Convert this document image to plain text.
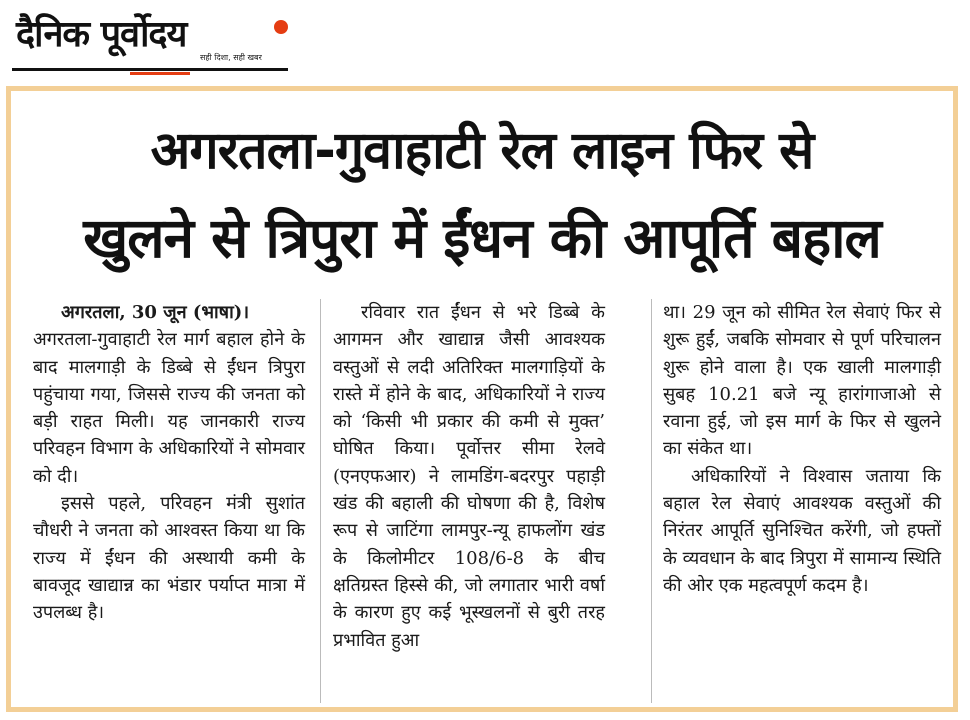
दैनिक पूर्वोदय
सही दिशा, सही खबर
अगरतला-गुवाहाटी रेल लाइन फिर से
खुलने से त्रिपुरा में ईंधन की आपूर्ति बहाल

अगरतला, 30 जून (भाषा)।

अगरतला-गुवाहाटी रेल मार्ग बहाल होने के बाद मालगाड़ी के डिब्बे से ईंधन त्रिपुरा पहुंचाया गया, जिससे राज्य की जनता को बड़ी राहत मिली। यह जानकारी राज्य परिवहन विभाग के अधिकारियों ने सोमवार को दी।

इससे पहले, परिवहन मंत्री सुशांत चौधरी ने जनता को आश्वस्त किया था कि राज्य में ईंधन की अस्थायी कमी के बावजूद खाद्यान्न का भंडार पर्याप्त मात्रा में उपलब्ध है।

रविवार रात ईंधन से भरे डिब्बे के आगमन और खाद्यान्न जैसी आवश्यक वस्तुओं से लदी अतिरिक्त मालगाड़ियों के रास्ते में होने के बाद, अधिकारियों ने राज्य को ‘किसी भी प्रकार की कमी से मुक्त’ घोषित किया। पूर्वोत्तर सीमा रेलवे (एनएफआर) ने लामडिंग-बदरपुर पहाड़ी खंड की बहाली की घोषणा की है, विशेष रूप से जाटिंगा लामपुर-न्यू हाफलोंग खंड के किलोमीटर 108/6-8 के बीच क्षतिग्रस्त हिस्से की, जो लगातार भारी वर्षा के कारण हुए कई भूस्खलनों से बुरी तरह प्रभावित हुआ

था। 29 जून को सीमित रेल सेवाएं फिर से शुरू हुईं, जबकि सोमवार से पूर्ण परिचालन शुरू होने वाला है। एक खाली मालगाड़ी सुबह 10.21 बजे न्यू हारांगाजाओ से रवाना हुई, जो इस मार्ग के फिर से खुलने का संकेत था।

अधिकारियों ने विश्वास जताया कि बहाल रेल सेवाएं आवश्यक वस्तुओं की निरंतर आपूर्ति सुनिश्चित करेंगी, जो हफ्तों के व्यवधान के बाद त्रिपुरा में सामान्य स्थिति की ओर एक महत्वपूर्ण कदम है।
